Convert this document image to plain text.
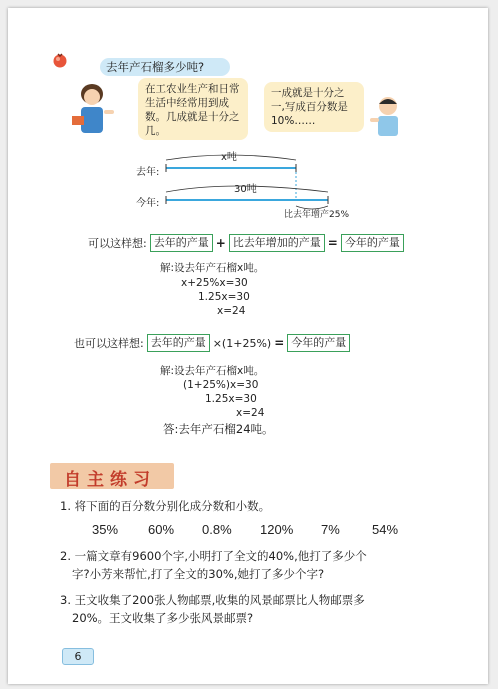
去年产石榴多少吨?
在工农业生产和日常生活中经常用到成数。几成就是十分之几。
一成就是十分之一,写成百分数是10%……
x吨
去年:
30吨
今年:
比去年增产25%
可以这样想: 去年的产量 + 比去年增加的产量 = 今年的产量
解:设去年产石榴x吨。
x+25%x=30
1.25x=30
x=24
也可以这样想: 去年的产量 ×(1+25%) = 今年的产量
解:设去年产石榴x吨。
(1+25%)x=30
1.25x=30
x=24
答:去年产石榴24吨。
自主练习
1. 将下面的百分数分别化成分数和小数。
35% 60% 0.8% 120% 7% 54%
2. 一篇文章有9600个字,小明打了全文的40%,他打了多少个
字?小芳来帮忙,打了全文的30%,她打了多少个字?
3. 王文收集了200张人物邮票,收集的风景邮票比人物邮票多
20%。王文收集了多少张风景邮票?
6
